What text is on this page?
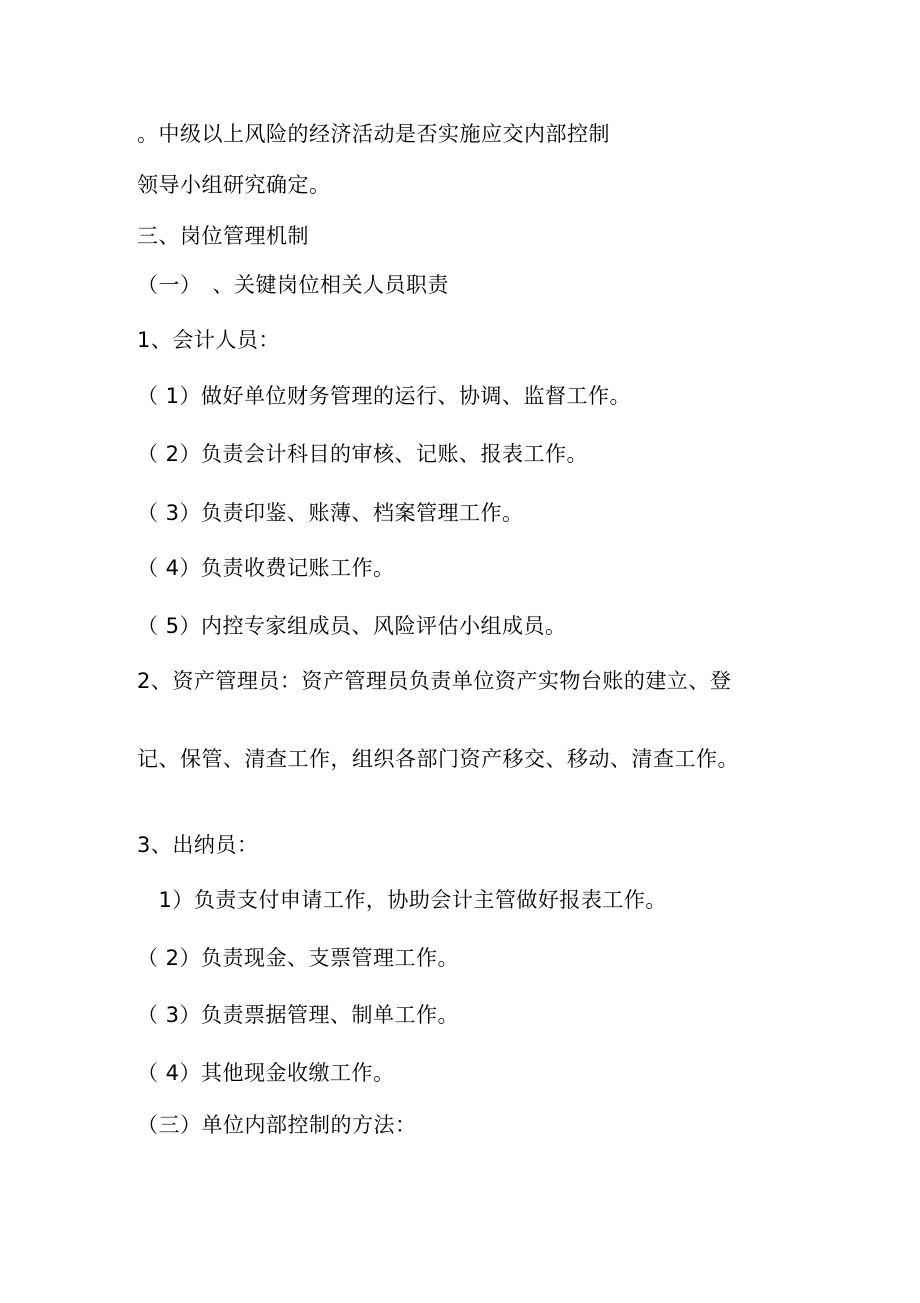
。中级以上风险的经济活动是否实施应交内部控制
领导小组研究确定。
三、岗位管理机制
（一）　、关键岗位相关人员职责
1、会计人员：
（ 1）做好单位财务管理的运行、协调、监督工作。
（ 2）负责会计科目的审核、记账、报表工作。
（ 3）负责印鉴、账薄、档案管理工作。
（ 4）负责收费记账工作。
（ 5）内控专家组成员、风险评估小组成员。
2、资产管理员：资产管理员负责单位资产实物台账的建立、登
记、保管、清查工作，组织各部门资产移交、移动、清查工作。
3、出纳员：
　1）负责支付申请工作，协助会计主管做好报表工作。
（ 2）负责现金、支票管理工作。
（ 3）负责票据管理、制单工作。
（ 4）其他现金收缴工作。
（三）单位内部控制的方法：
